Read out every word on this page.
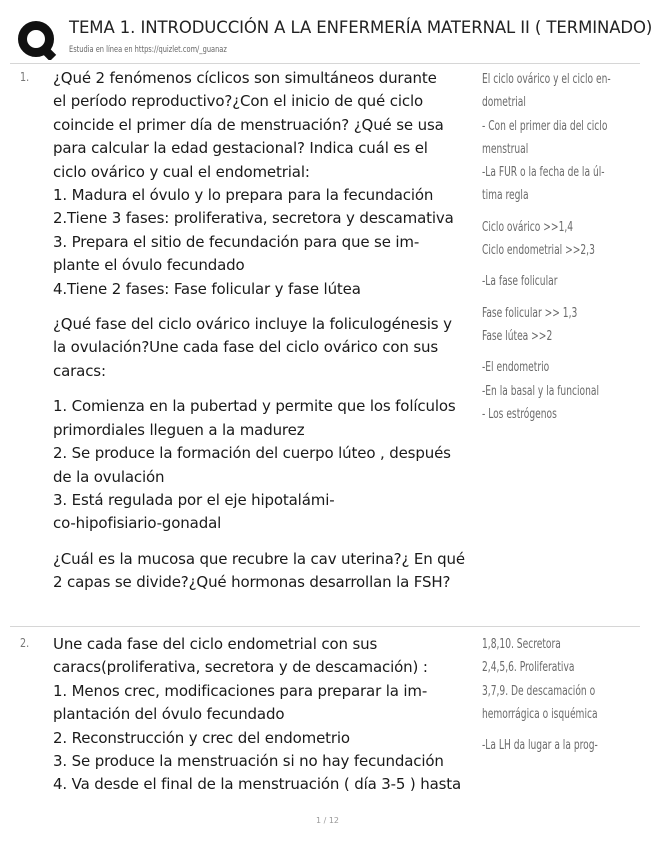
TEMA 1. INTRODUCCIÓN A LA ENFERMERÍA MATERNAL II ( TERMINADO)
Estudia en línea en https://quizlet.com/_guanaz
1. ¿Qué 2 fenómenos cíclicos son simultáneos durante
el período reproductivo?¿Con el inicio de qué ciclo
coincide el primer día de menstruación? ¿Qué se usa
para calcular la edad gestacional? Indica cuál es el
ciclo ovárico y cual el endometrial:
1. Madura el óvulo y lo prepara para la fecundación
2.Tiene 3 fases: proliferativa, secretora y descamativa
3. Prepara el sitio de fecundación para que se im-
plante el óvulo fecundado
4.Tiene 2 fases: Fase folicular y fase lútea
¿Qué fase del ciclo ovárico incluye la foliculogénesis y
la ovulación?Une cada fase del ciclo ovárico con sus
caracs:
1. Comienza en la pubertad y permite que los folículos
primordiales lleguen a la madurez
2. Se produce la formación del cuerpo lúteo , después
de la ovulación
3. Está regulada por el eje hipotalámi-
co-hipofisiario-gonadal
¿Cuál es la mucosa que recubre la cav uterina?¿ En qué
2 capas se divide?¿Qué hormonas desarrollan la FSH?
El ciclo ovárico y el ciclo en-
dometrial
- Con el primer dia del ciclo
menstrual
-La FUR o la fecha de la úl-
tima regla
Ciclo ovárico >>1,4
Ciclo endometrial >>2,3
-La fase folicular
Fase folicular >> 1,3
Fase lútea >>2
-El endometrio
-En la basal y la funcional
- Los estrógenos
2. Une cada fase del ciclo endometrial con sus
caracs(proliferativa, secretora y de descamación) :
1. Menos crec, modificaciones para preparar la im-
plantación del óvulo fecundado
2. Reconstrucción y crec del endometrio
3. Se produce la menstruación si no hay fecundación
4. Va desde el final de la menstruación ( día 3-5 ) hasta
1,8,10. Secretora
2,4,5,6. Proliferativa
3,7,9. De descamación o
hemorrágica o isquémica
-La LH da lugar a la prog-
1 / 12
